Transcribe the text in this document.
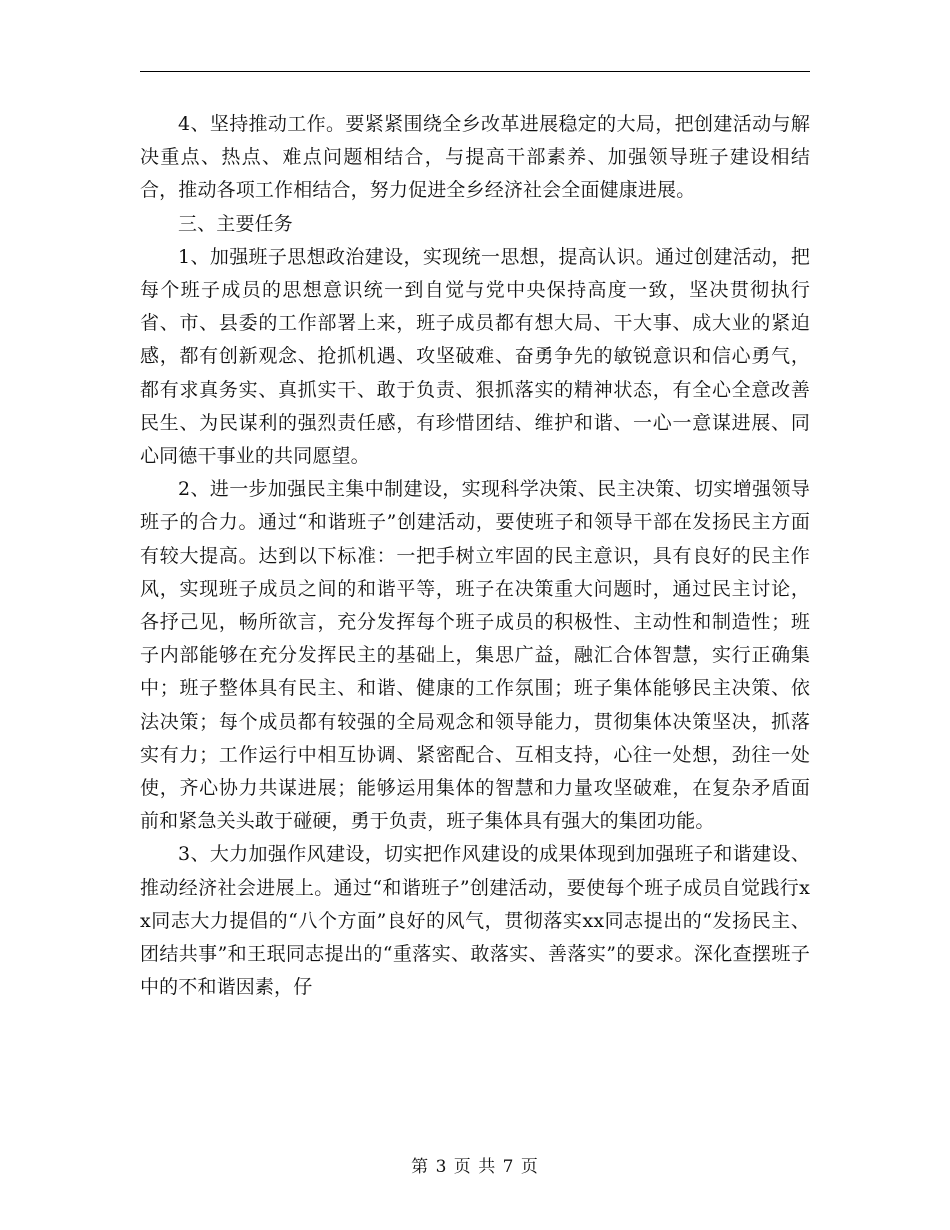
4、坚持推动工作。要紧紧围绕全乡改革进展稳定的大局，把创建活动与解决重点、热点、难点问题相结合，与提高干部素养、加强领导班子建设相结合，推动各项工作相结合，努力促进全乡经济社会全面健康进展。

三、主要任务

1、加强班子思想政治建设，实现统一思想，提高认识。通过创建活动，把每个班子成员的思想意识统一到自觉与党中央保持高度一致，坚决贯彻执行省、市、县委的工作部署上来，班子成员都有想大局、干大事、成大业的紧迫感，都有创新观念、抢抓机遇、攻坚破难、奋勇争先的敏锐意识和信心勇气，都有求真务实、真抓实干、敢于负责、狠抓落实的精神状态，有全心全意改善民生、为民谋利的强烈责任感，有珍惜团结、维护和谐、一心一意谋进展、同心同德干事业的共同愿望。

2、进一步加强民主集中制建设，实现科学决策、民主决策、切实增强领导班子的合力。通过“和谐班子”创建活动，要使班子和领导干部在发扬民主方面有较大提高。达到以下标准：一把手树立牢固的民主意识，具有良好的民主作风，实现班子成员之间的和谐平等，班子在决策重大问题时，通过民主讨论，各抒己见，畅所欲言，充分发挥每个班子成员的积极性、主动性和制造性；班子内部能够在充分发挥民主的基础上，集思广益，融汇合体智慧，实行正确集中；班子整体具有民主、和谐、健康的工作氛围；班子集体能够民主决策、依法决策；每个成员都有较强的全局观念和领导能力，贯彻集体决策坚决，抓落实有力；工作运行中相互协调、紧密配合、互相支持，心往一处想，劲往一处使，齐心协力共谋进展；能够运用集体的智慧和力量攻坚破难，在复杂矛盾面前和紧急关头敢于碰硬，勇于负责，班子集体具有强大的集团功能。

3、大力加强作风建设，切实把作风建设的成果体现到加强班子和谐建设、推动经济社会进展上。通过“和谐班子”创建活动，要使每个班子成员自觉践行xx同志大力提倡的“八个方面”良好的风气，贯彻落实xx同志提出的“发扬民主、团结共事”和王珉同志提出的“重落实、敢落实、善落实”的要求。深化查摆班子中的不和谐因素，仔

第 3 页 共 7 页
